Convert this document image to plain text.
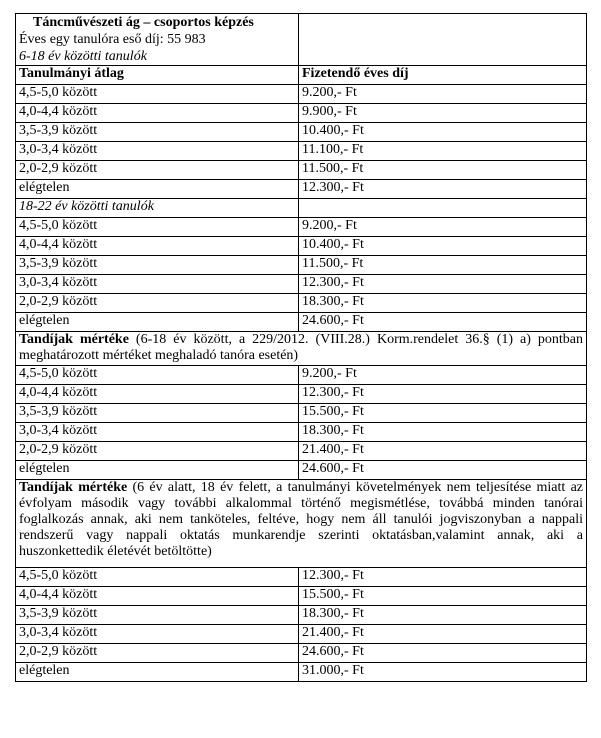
Táncművészeti ág – csoportos képzés
Éves egy tanulóra eső díj: 55 983
6-18 év közötti tanulók	

Tanulmányi átlag	Fizetendő éves díj
4,5-5,0 között	9.200,- Ft
4,0-4,4 között	9.900,- Ft
3,5-3,9 között	10.400,- Ft
3,0-3,4 között	11.100,- Ft
2,0-2,9 között	11.500,- Ft
elégtelen	12.300,- Ft
18-22 év közötti tanulók	
4,5-5,0 között	9.200,- Ft
4,0-4,4 között	10.400,- Ft
3,5-3,9 között	11.500,- Ft
3,0-3,4 között	12.300,- Ft
2,0-2,9 között	18.300,- Ft
elégtelen	24.600,- Ft
Tandíjak mértéke (6-18 év között, a 229/2012. (VIII.28.) Korm.rendelet 36.§ (1) a) pontban meghatározott mértéket meghaladó tanóra esetén)	
4,5-5,0 között	9.200,- Ft
4,0-4,4 között	12.300,- Ft
3,5-3,9 között	15.500,- Ft
3,0-3,4 között	18.300,- Ft
2,0-2,9 között	21.400,- Ft
elégtelen	24.600,- Ft
Tandíjak mértéke (6 év alatt, 18 év felett, a tanulmányi követelmények nem teljesítése miatt az évfolyam második vagy további alkalommal történő megismétlése, továbbá minden tanórai foglalkozás annak, aki nem tanköteles, feltéve, hogy nem áll tanulói jogviszonyban a nappali rendszerű vagy nappali oktatás munkarendje szerinti oktatásban,valamint annak, aki a huszonkettedik életévét betöltötte)	
4,5-5,0 között	12.300,- Ft
4,0-4,4 között	15.500,- Ft
3,5-3,9 között	18.300,- Ft
3,0-3,4 között	21.400,- Ft
2,0-2,9 között	24.600,- Ft
elégtelen	31.000,- Ft
